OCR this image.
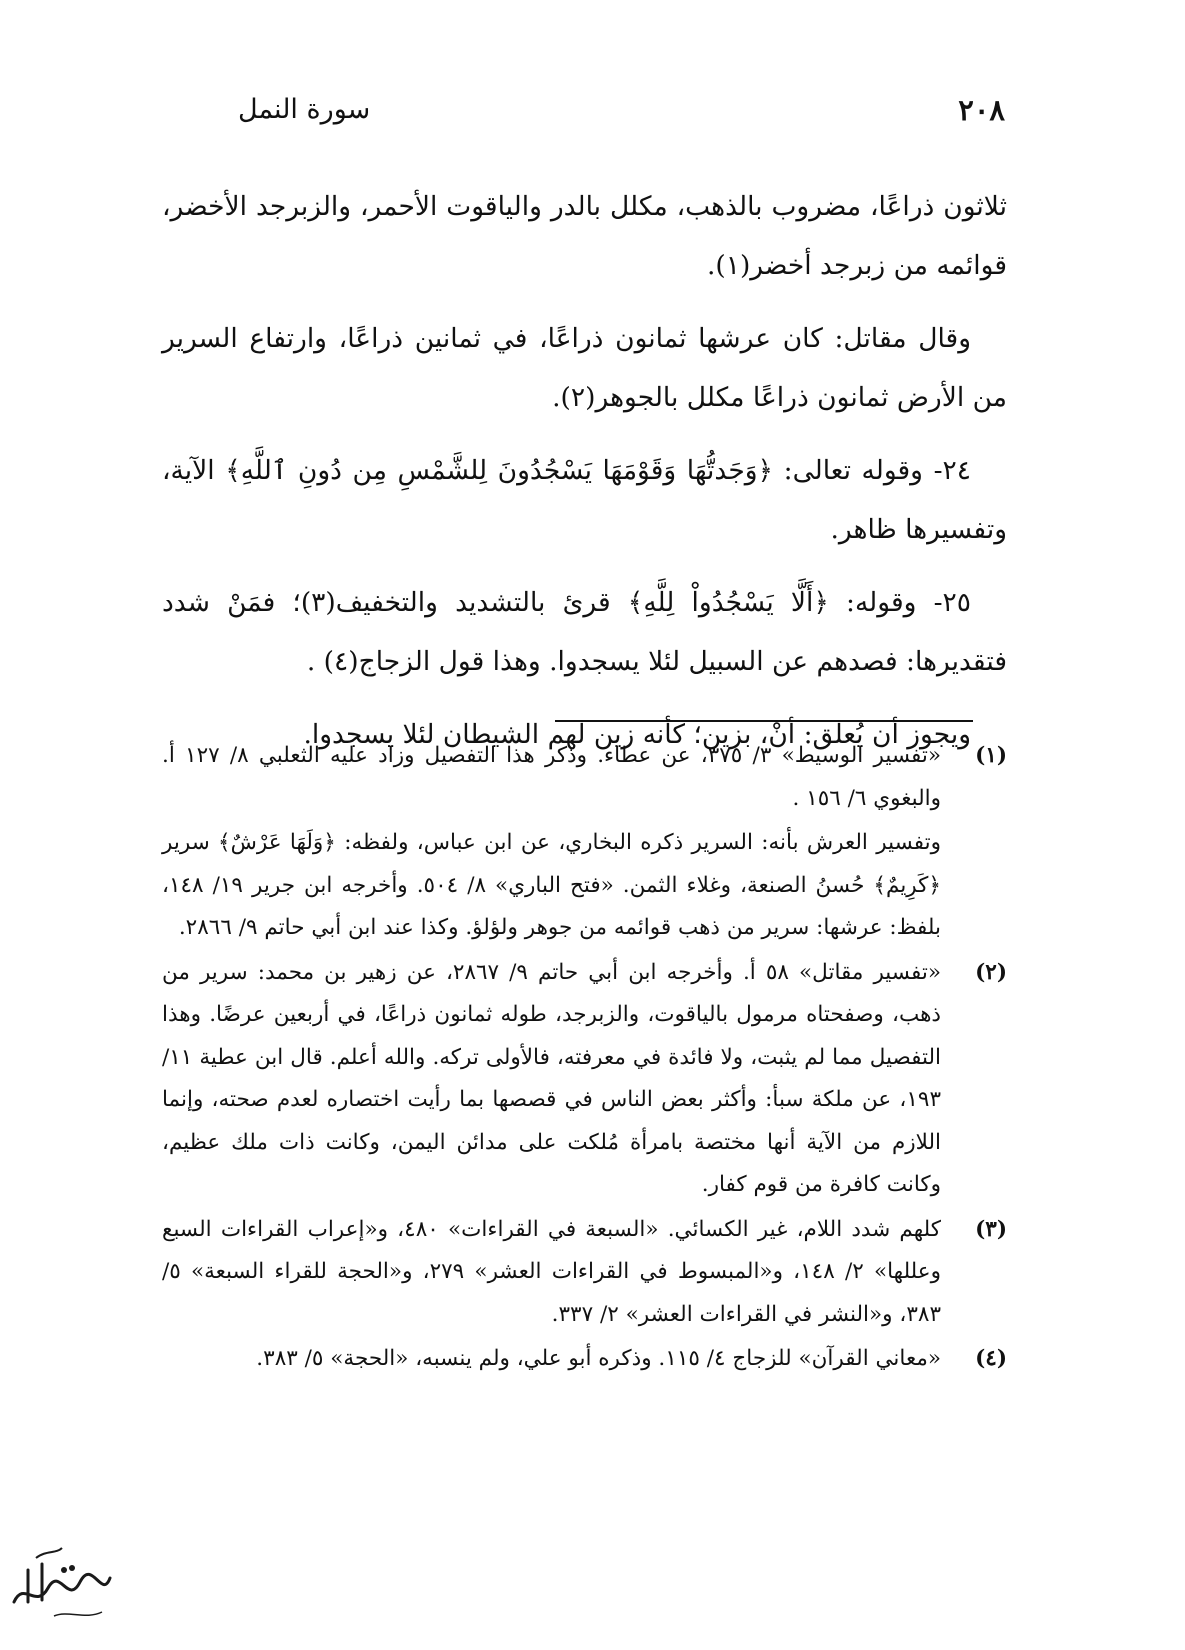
٢٠٨
سورة النمل

ثلاثون ذراعًا، مضروب بالذهب، مكلل بالدر والياقوت الأحمر، والزبرجد الأخضر، قوائمه من زبرجد أخضر(١).

وقال مقاتل: كان عرشها ثمانون ذراعًا، في ثمانين ذراعًا، وارتفاع السرير من الأرض ثمانون ذراعًا مكلل بالجوهر(٢).

٢٤- وقوله تعالى: ﴿وَجَدتُّهَا وَقَوْمَهَا يَسْجُدُونَ لِلشَّمْسِ مِن دُونِ ٱللَّهِ﴾ الآية، وتفسيرها ظاهر.

٢٥- وقوله: ﴿أَلَّا يَسْجُدُواْ لِلَّهِ﴾ قرئ بالتشديد والتخفيف(٣)؛ فمَنْ شدد فتقديرها: فصدهم عن السبيل لئلا يسجدوا. وهذا قول الزجاج(٤) .

ويجوز أن يُعلق: أنْ، بزين؛ كأنه زين لهم الشيطان لئلا يسجدوا.

(١)
«تفسير الوسيط» ٣/ ٣٧٥، عن عطاء. وذكر هذا التفصيل وزاد عليه الثعلبي ٨/ ١٢٧ أ. والبغوي ٦/ ١٥٦ .

وتفسير العرش بأنه: السرير ذكره البخاري، عن ابن عباس، ولفظه: ﴿وَلَهَا عَرْشٌ﴾ سرير ﴿كَرِيمٌ﴾ حُسنُ الصنعة، وغلاء الثمن. «فتح الباري» ٨/ ٥٠٤. وأخرجه ابن جرير ١٩/ ١٤٨، بلفظ: عرشها: سرير من ذهب قوائمه من جوهر ولؤلؤ. وكذا عند ابن أبي حاتم ٩/ ٢٨٦٦.

(٢)
«تفسير مقاتل» ٥٨ أ. وأخرجه ابن أبي حاتم ٩/ ٢٨٦٧، عن زهير بن محمد: سرير من ذهب، وصفحتاه مرمول بالياقوت، والزبرجد، طوله ثمانون ذراعًا، في أربعين عرضًا. وهذا التفصيل مما لم يثبت، ولا فائدة في معرفته، فالأولى تركه. والله أعلم. قال ابن عطية ١١/ ١٩٣، عن ملكة سبأ: وأكثر بعض الناس في قصصها بما رأيت اختصاره لعدم صحته، وإنما اللازم من الآية أنها مختصة بامرأة مُلكت على مدائن اليمن، وكانت ذات ملك عظيم، وكانت كافرة من قوم كفار.

(٣)
كلهم شدد اللام، غير الكسائي. «السبعة في القراءات» ٤٨٠، و«إعراب القراءات السبع وعللها» ٢/ ١٤٨، و«المبسوط في القراءات العشر» ٢٧٩، و«الحجة للقراء السبعة» ٥/ ٣٨٣، و«النشر في القراءات العشر» ٢/ ٣٣٧.

(٤)
«معاني القرآن» للزجاج ٤/ ١١٥. وذكره أبو علي، ولم ينسبه، «الحجة» ٥/ ٣٨٣.
